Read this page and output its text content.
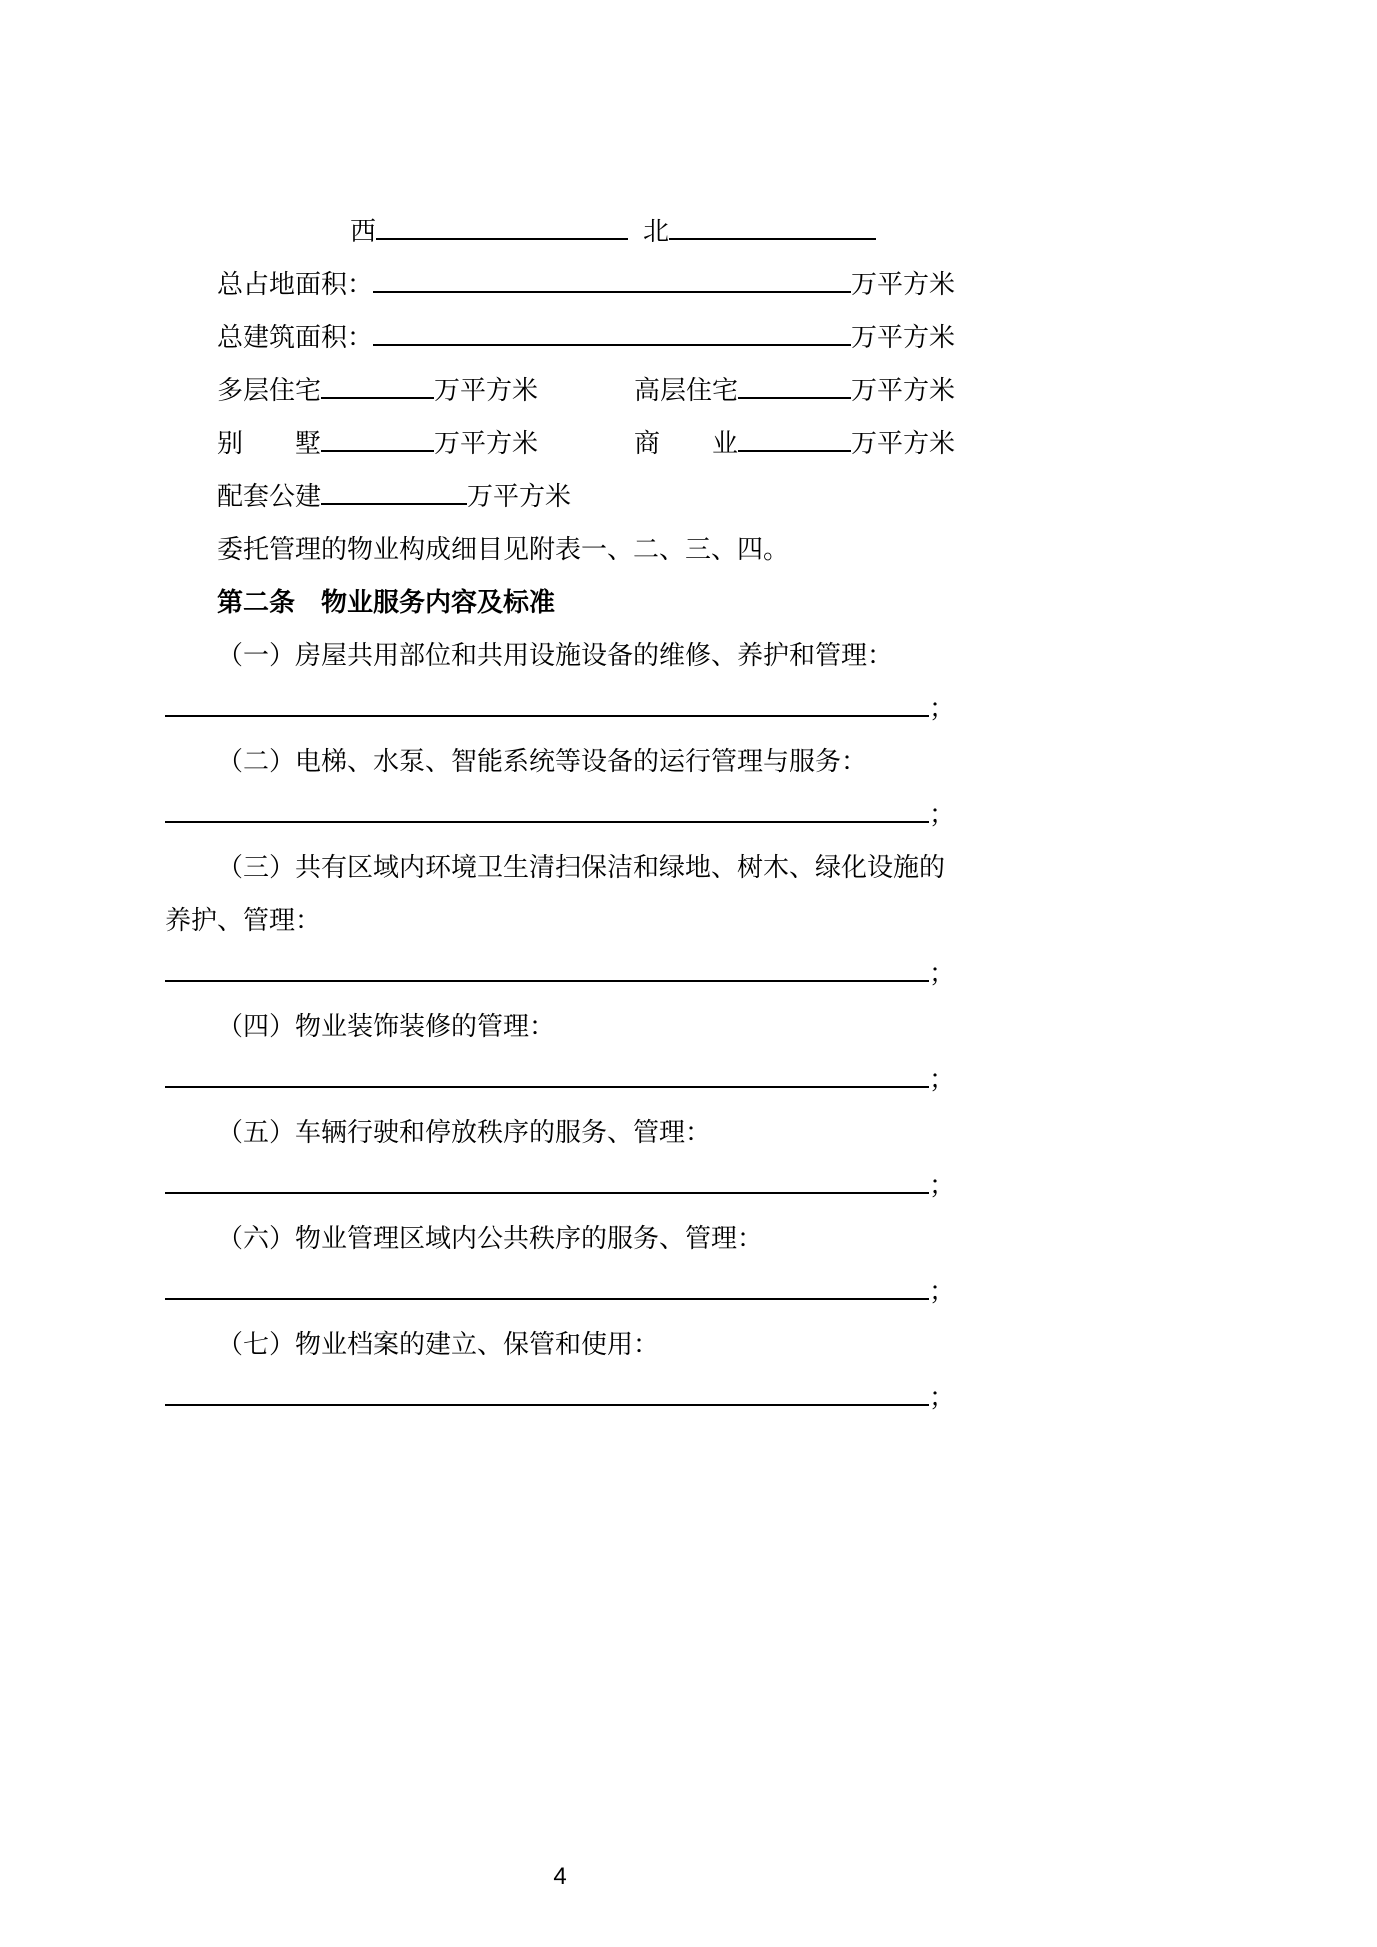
西	北
总占地面积：	万平方米
总建筑面积：	万平方米
多层住宅	万平方米	高层住宅	万平方米
别　　墅	万平方米	商　　业	万平方米
配套公建	万平方米

委托管理的物业构成细目见附表一、二、三、四。

第二条　物业服务内容及标准

（一）房屋共用部位和共用设施设备的维修、养护和管理：

；

（二）电梯、水泵、智能系统等设备的运行管理与服务：

；

（三）共有区域内环境卫生清扫保洁和绿地、树木、绿化设施的养护、管理：

；

（四）物业装饰装修的管理：

；

（五）车辆行驶和停放秩序的服务、管理：

；

（六）物业管理区域内公共秩序的服务、管理：

；

（七）物业档案的建立、保管和使用：

；
4
